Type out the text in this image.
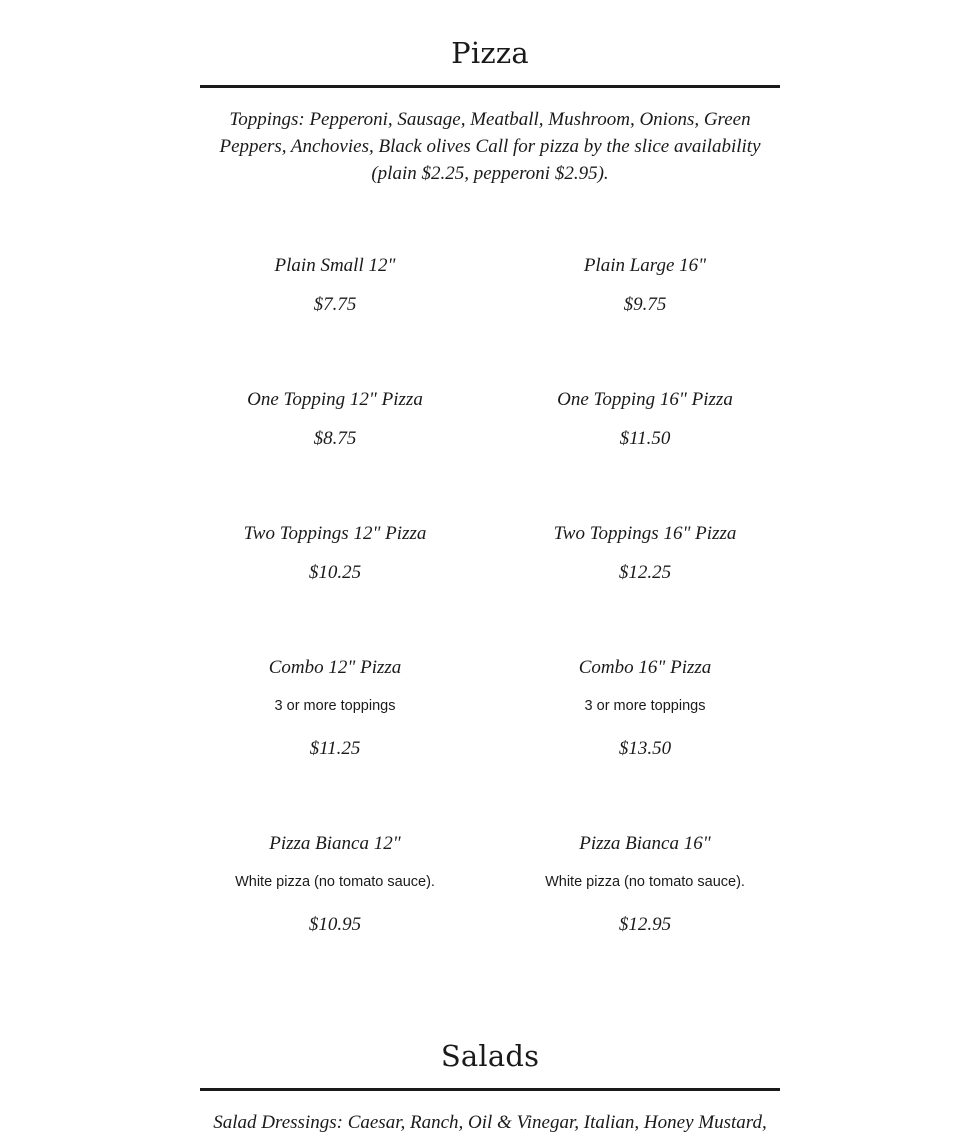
Pizza

Toppings: Pepperoni, Sausage, Meatball, Mushroom, Onions, Green Peppers, Anchovies, Black olives Call for pizza by the slice availability (plain $2.25, pepperoni $2.95).

Plain Small 12"
$7.75
Plain Large 16"
$9.75
One Topping 12" Pizza
$8.75
One Topping 16" Pizza
$11.50
Two Toppings 12" Pizza
$10.25
Two Toppings 16" Pizza
$12.25
Combo 12" Pizza
3 or more toppings
$11.25
Combo 16" Pizza
3 or more toppings
$13.50
Pizza Bianca 12"
White pizza (no tomato sauce).
$10.95
Pizza Bianca 16"
White pizza (no tomato sauce).
$12.95
Salads

Salad Dressings: Caesar, Ranch, Oil & Vinegar, Italian, Honey Mustard,
